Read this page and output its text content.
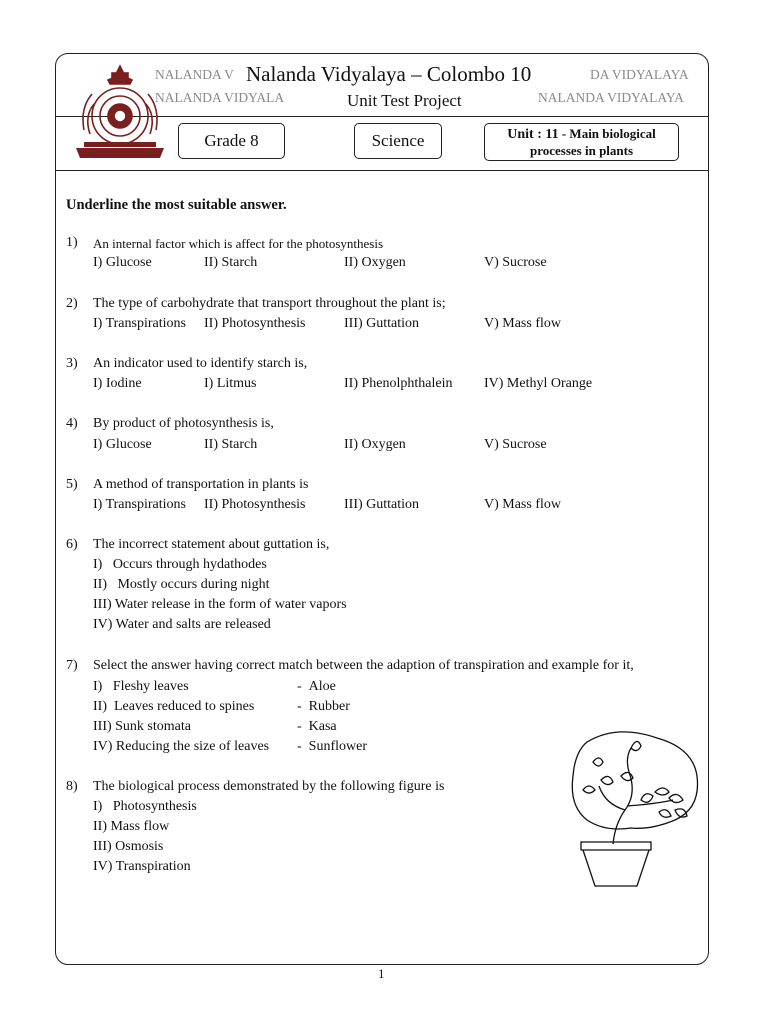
NALANDA V
NALANDA VIDYALA
DA VIDYALAYA
NALANDA VIDYALAYA
Nalanda Vidyalaya – Colombo 10
Unit Test Project
Grade 8	Science	Unit : 11 - Main biological
processes in plants
Underline the most suitable answer.
1) An internal factor which is affect for the photosynthesis
I) Glucose	II) Starch	II) Oxygen	V) Sucrose
2) The type of carbohydrate that transport throughout the plant is;
I) Transpirations II) Photosynthesis	III) Guttation	V) Mass flow
3) An indicator used to identify starch is,
I) Iodine	I) Litmus	II) Phenolphthalein IV) Methyl Orange
4) By product of photosynthesis is,
I) Glucose	II) Starch	II) Oxygen	V) Sucrose
5) A method of transportation in plants is
I) Transpirations II) Photosynthesis	III) Guttation	V) Mass flow
6) The incorrect statement about guttation is,
I)   Occurs through hydathodes
II)   Mostly occurs during night
III) Water release in the form of water vapors
IV) Water and salts are released
7) Select the answer having correct match between the adaption of transpiration and example for it,
I)   Fleshy leaves	-  Aloe
II)  Leaves reduced to spines	-  Rubber
III) Sunk stomata	-  Kasa
IV) Reducing the size of leaves -  Sunflower
8) The biological process demonstrated by the following figure is
I)   Photosynthesis
II) Mass flow
III) Osmosis
IV) Transpiration
1
